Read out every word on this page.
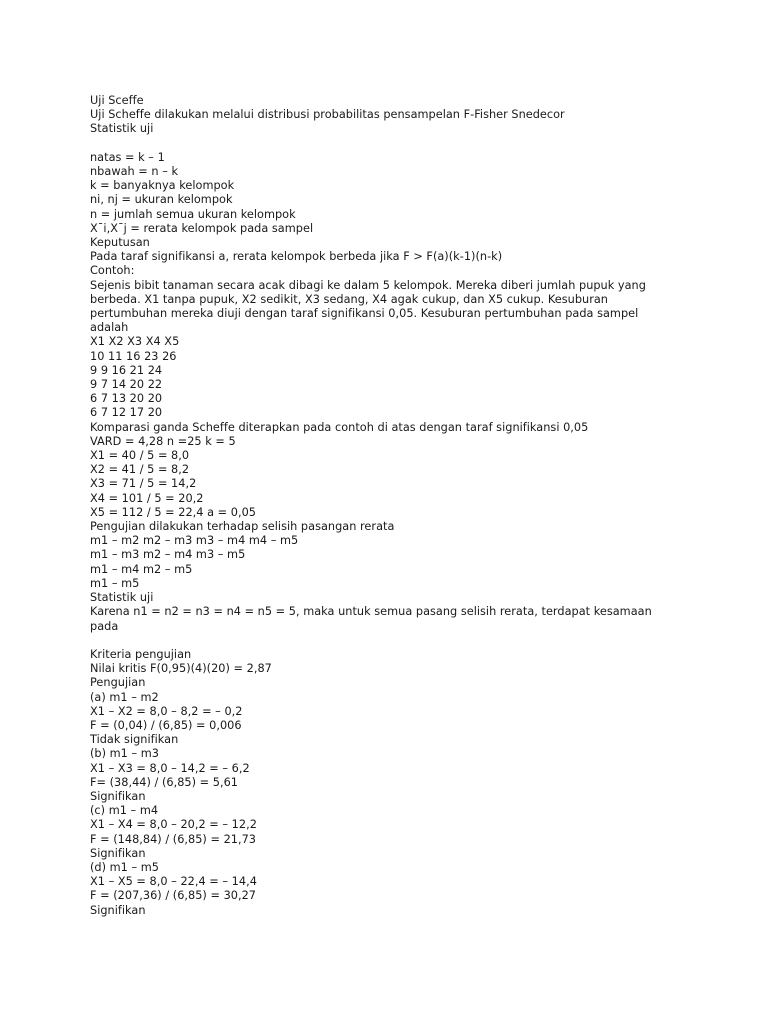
Uji Sceffe
Uji Scheffe dilakukan melalui distribusi probabilitas pensampelan F-Fisher Snedecor
Statistik uji
natas = k – 1
nbawah = n – k
k = banyaknya kelompok
ni, nj = ukuran kelompok
n = jumlah semua ukuran kelompok
X¯i,X¯j = rerata kelompok pada sampel
Keputusan
Pada taraf signifikansi a, rerata kelompok berbeda jika F > F(a)(k-1)(n-k)
Contoh:
Sejenis bibit tanaman secara acak dibagi ke dalam 5 kelompok. Mereka diberi jumlah pupuk yang
berbeda. X1 tanpa pupuk, X2 sedikit, X3 sedang, X4 agak cukup, dan X5 cukup. Kesuburan
pertumbuhan mereka diuji dengan taraf signifikansi 0,05. Kesuburan pertumbuhan pada sampel
adalah
X1 X2 X3 X4 X5
10 11 16 23 26
9 9 16 21 24
9 7 14 20 22
6 7 13 20 20
6 7 12 17 20
Komparasi ganda Scheffe diterapkan pada contoh di atas dengan taraf signifikansi 0,05
VARD = 4,28 n =25 k = 5
X1 = 40 / 5 = 8,0
X2 = 41 / 5 = 8,2
X3 = 71 / 5 = 14,2
X4 = 101 / 5 = 20,2
X5 = 112 / 5 = 22,4 a = 0,05
Pengujian dilakukan terhadap selisih pasangan rerata
m1 – m2 m2 – m3 m3 – m4 m4 – m5
m1 – m3 m2 – m4 m3 – m5
m1 – m4 m2 – m5
m1 – m5
Statistik uji
Karena n1 = n2 = n3 = n4 = n5 = 5, maka untuk semua pasang selisih rerata, terdapat kesamaan
pada
Kriteria pengujian
Nilai kritis F(0,95)(4)(20) = 2,87
Pengujian
(a) m1 – m2
X1 – X2 = 8,0 – 8,2 = – 0,2
F = (0,04) / (6,85) = 0,006
Tidak signifikan
(b) m1 – m3
X1 – X3 = 8,0 – 14,2 = – 6,2
F= (38,44) / (6,85) = 5,61
Signifikan
(c) m1 – m4
X1 – X4 = 8,0 – 20,2 = – 12,2
F = (148,84) / (6,85) = 21,73
Signifikan
(d) m1 – m5
X1 – X5 = 8,0 – 22,4 = – 14,4
F = (207,36) / (6,85) = 30,27
Signifikan
